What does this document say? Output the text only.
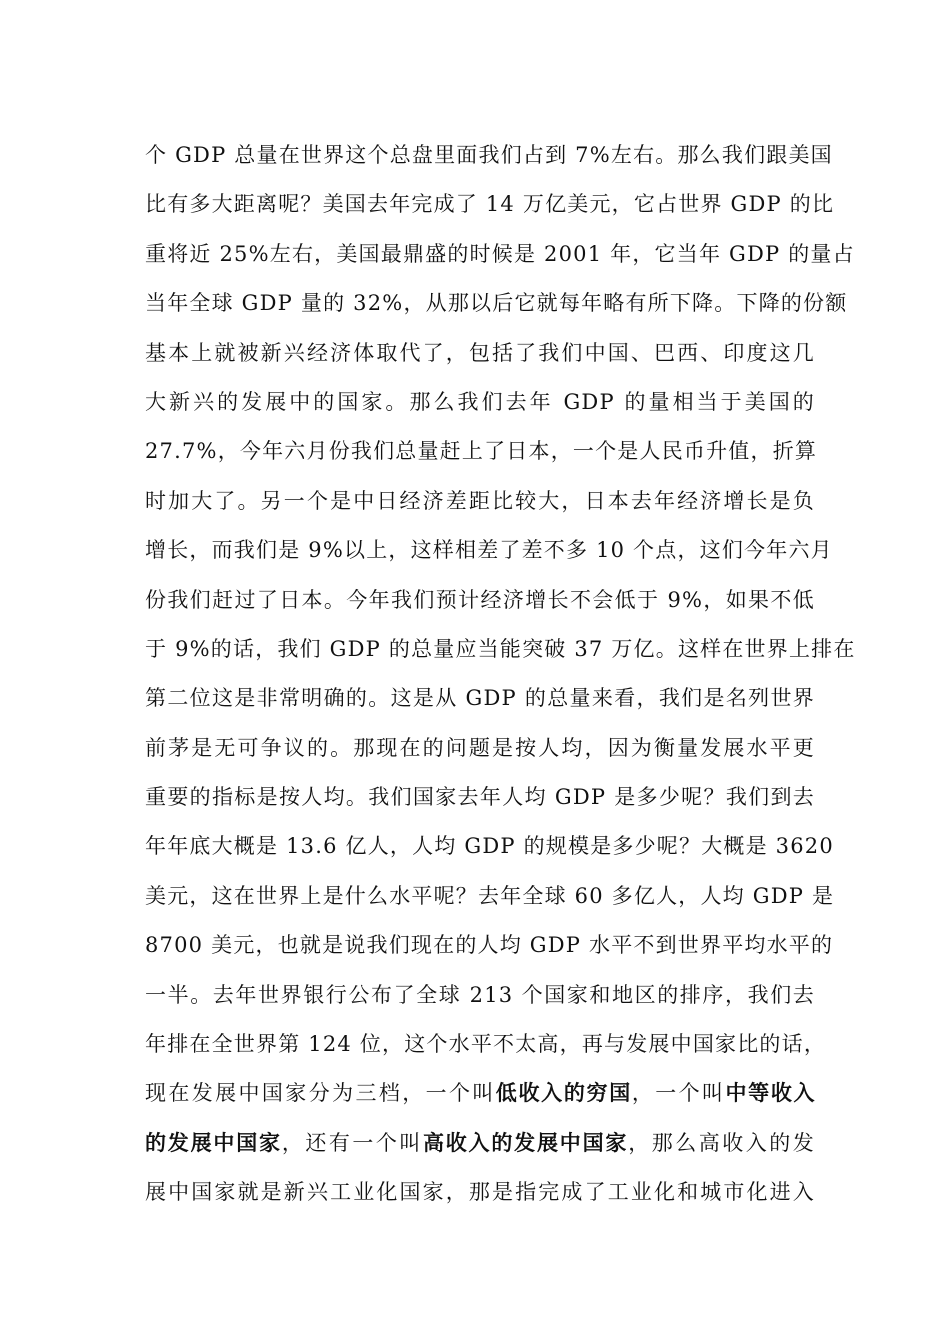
个 GDP 总量在世界这个总盘里面我们占到 7%左右。那么我们跟美国
比有多大距离呢？美国去年完成了 14 万亿美元，它占世界 GDP 的比
重将近 25%左右，美国最鼎盛的时候是 2001 年，它当年 GDP 的量占
当年全球 GDP 量的 32%，从那以后它就每年略有所下降。下降的份额
基本上就被新兴经济体取代了，包括了我们中国、巴西、印度这几
大新兴的发展中的国家。那么我们去年 GDP 的量相当于美国的
27.7%，今年六月份我们总量赶上了日本，一个是人民币升值，折算
时加大了。另一个是中日经济差距比较大，日本去年经济增长是负
增长，而我们是 9%以上，这样相差了差不多 10 个点，这们今年六月
份我们赶过了日本。今年我们预计经济增长不会低于 9%，如果不低
于 9%的话，我们 GDP 的总量应当能突破 37 万亿。这样在世界上排在
第二位这是非常明确的。这是从 GDP 的总量来看，我们是名列世界
前茅是无可争议的。那现在的问题是按人均，因为衡量发展水平更
重要的指标是按人均。我们国家去年人均 GDP 是多少呢？我们到去
年年底大概是 13.6 亿人，人均 GDP 的规模是多少呢？大概是 3620
美元，这在世界上是什么水平呢？去年全球 60 多亿人，人均 GDP 是
8700 美元，也就是说我们现在的人均 GDP 水平不到世界平均水平的
一半。去年世界银行公布了全球 213 个国家和地区的排序，我们去
年排在全世界第 124 位，这个水平不太高，再与发展中国家比的话，
现在发展中国家分为三档，一个叫低收入的穷国，一个叫中等收入
的发展中国家，还有一个叫高收入的发展中国家，那么高收入的发
展中国家就是新兴工业化国家，那是指完成了工业化和城市化进入
